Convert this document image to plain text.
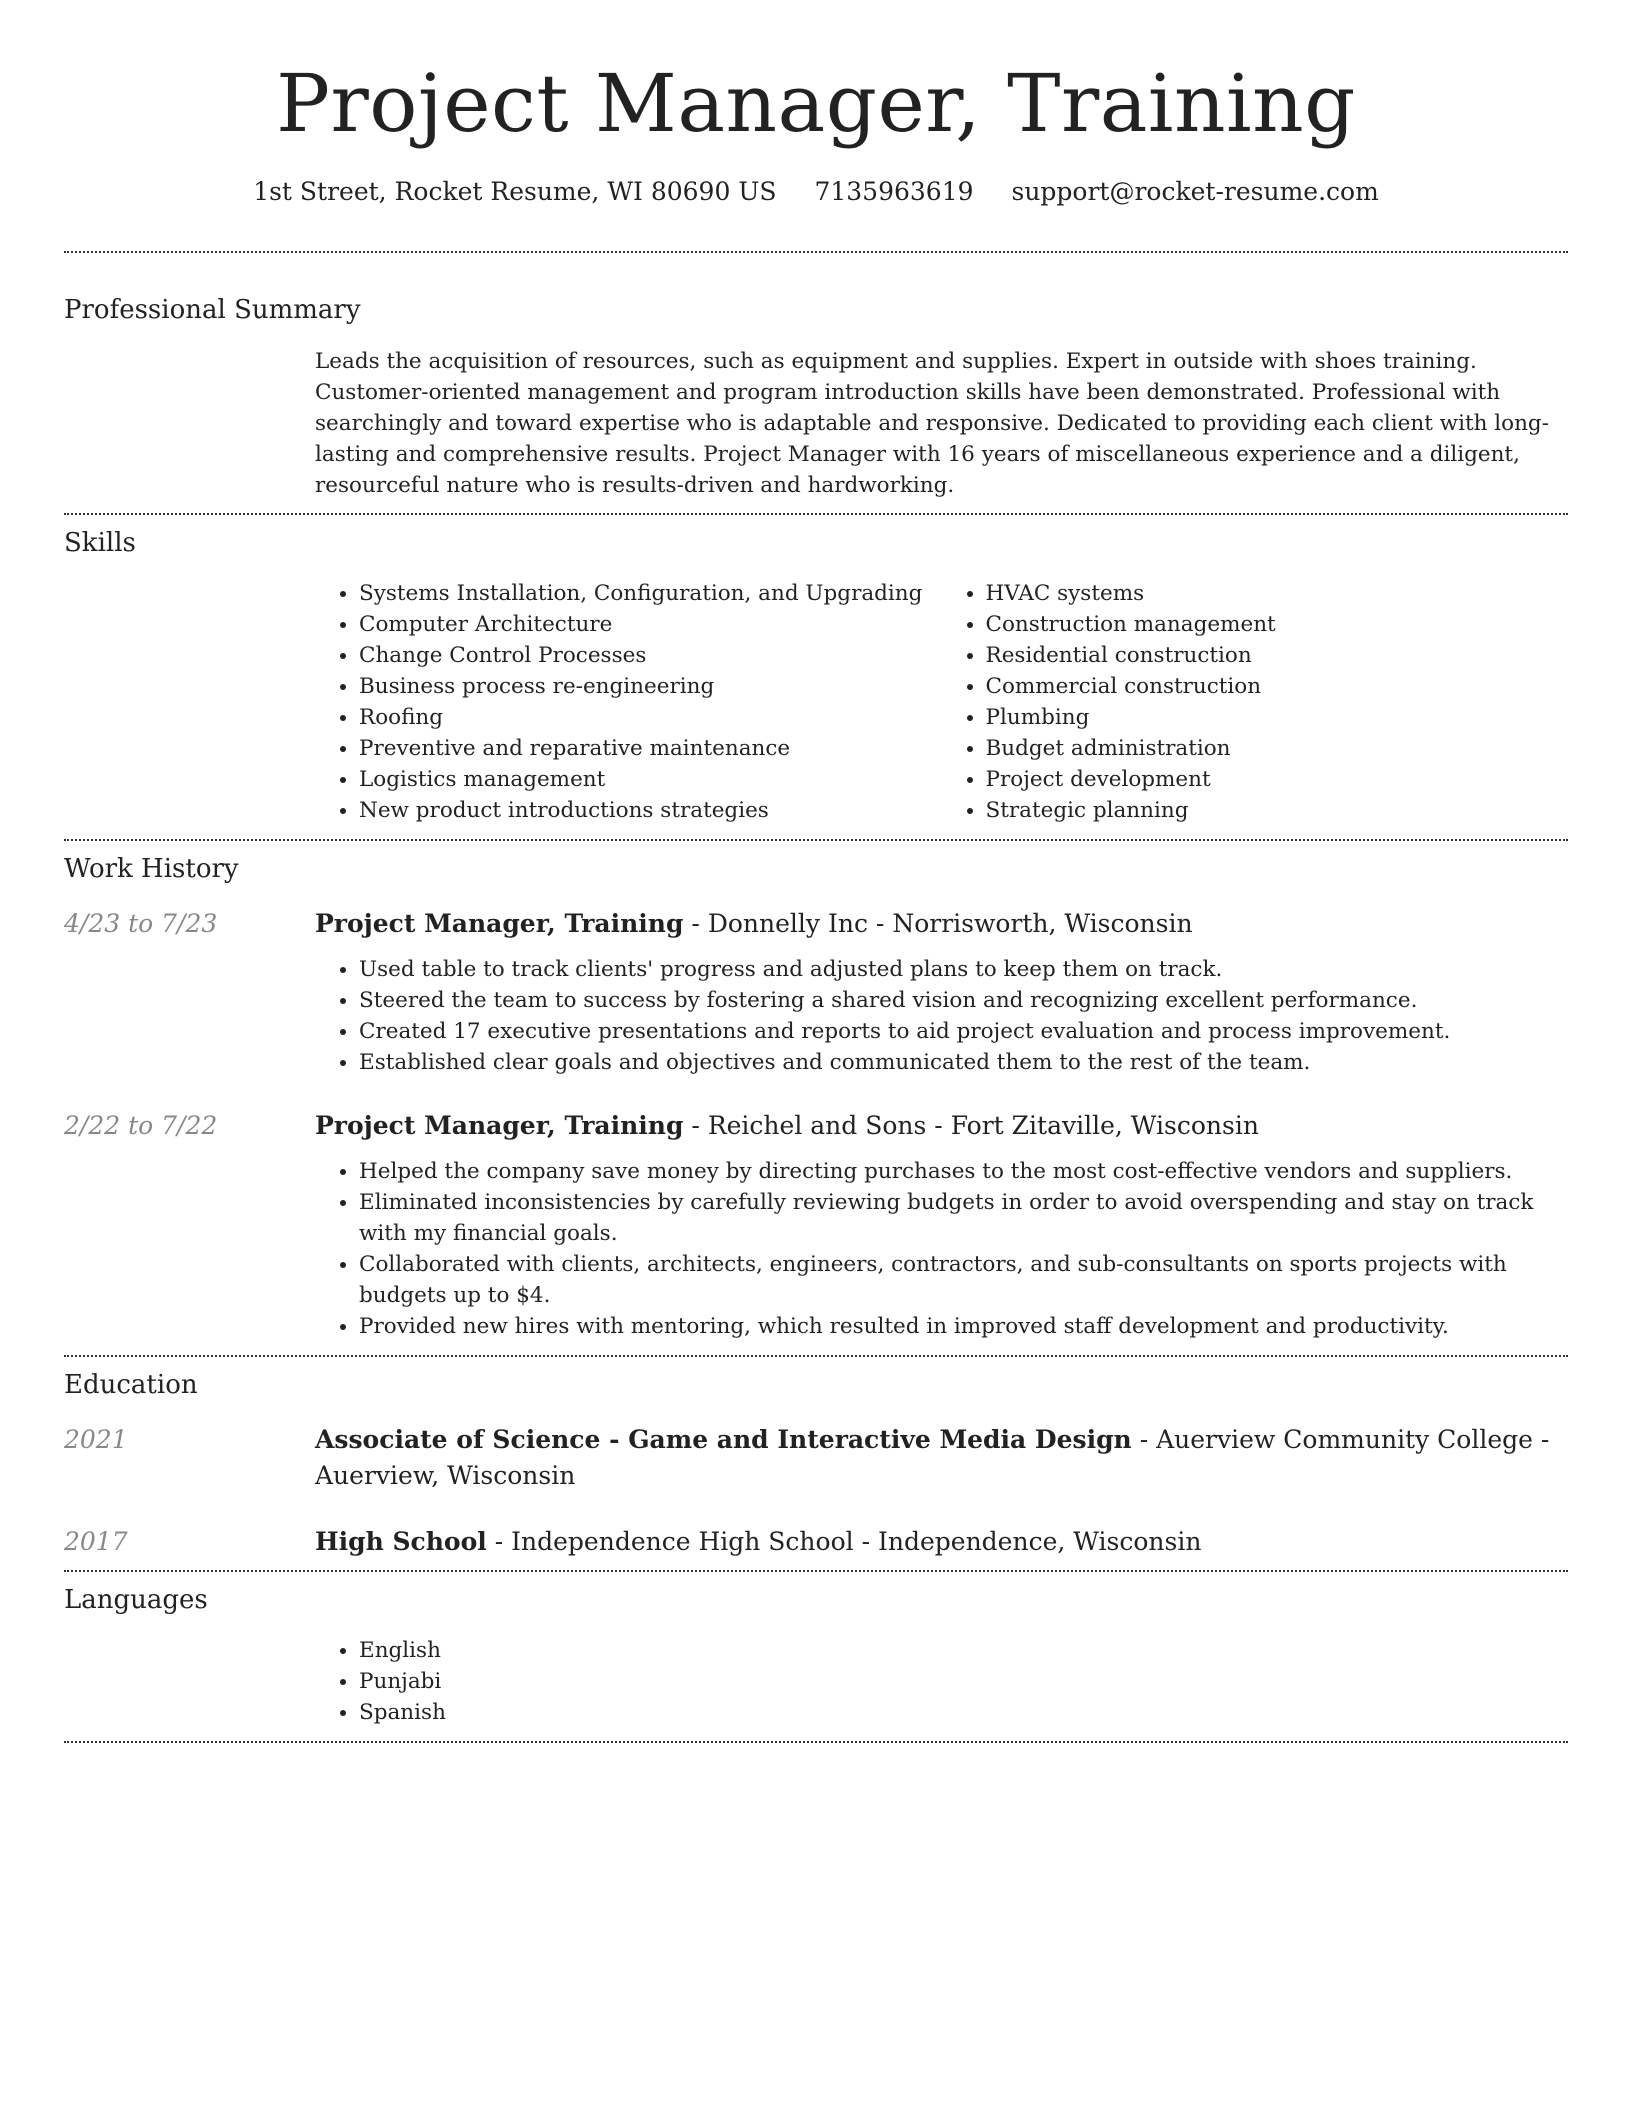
Project Manager, Training
1st Street, Rocket Resume, WI 80690 US 7135963619 support@rocket-resume.com
Professional Summary

Leads the acquisition of resources, such as equipment and supplies. Expert in outside with shoes training. Customer-oriented management and program introduction skills have been demonstrated. Professional with searchingly and toward expertise who is adaptable and responsive. Dedicated to providing each client with long-lasting and comprehensive results. Project Manager with 16 years of miscellaneous experience and a diligent, resourceful nature who is results-driven and hardworking.

Skills
• Systems Installation, Configuration, and Upgrading
• Computer Architecture
• Change Control Processes
• Business process re-engineering
• Roofing
• Preventive and reparative maintenance
• Logistics management
• New product introductions strategies
• HVAC systems
• Construction management
• Residential construction
• Commercial construction
• Plumbing
• Budget administration
• Project development
• Strategic planning
Work History
4/23 to 7/23	Project Manager, Training - Donnelly Inc - Norrisworth, Wisconsin
• Used table to track clients' progress and adjusted plans to keep them on track.
• Steered the team to success by fostering a shared vision and recognizing excellent performance.
• Created 17 executive presentations and reports to aid project evaluation and process improvement.
• Established clear goals and objectives and communicated them to the rest of the team.
2/22 to 7/22	Project Manager, Training - Reichel and Sons - Fort Zitaville, Wisconsin
• Helped the company save money by directing purchases to the most cost-effective vendors and suppliers.
• Eliminated inconsistencies by carefully reviewing budgets in order to avoid overspending and stay on track with my financial goals.
• Collaborated with clients, architects, engineers, contractors, and sub-consultants on sports projects with budgets up to $4.
• Provided new hires with mentoring, which resulted in improved staff development and productivity.
Education
2021	Associate of Science - Game and Interactive Media Design - Auerview Community College - Auerview, Wisconsin
2017	High School - Independence High School - Independence, Wisconsin
Languages
• English
• Punjabi
• Spanish
